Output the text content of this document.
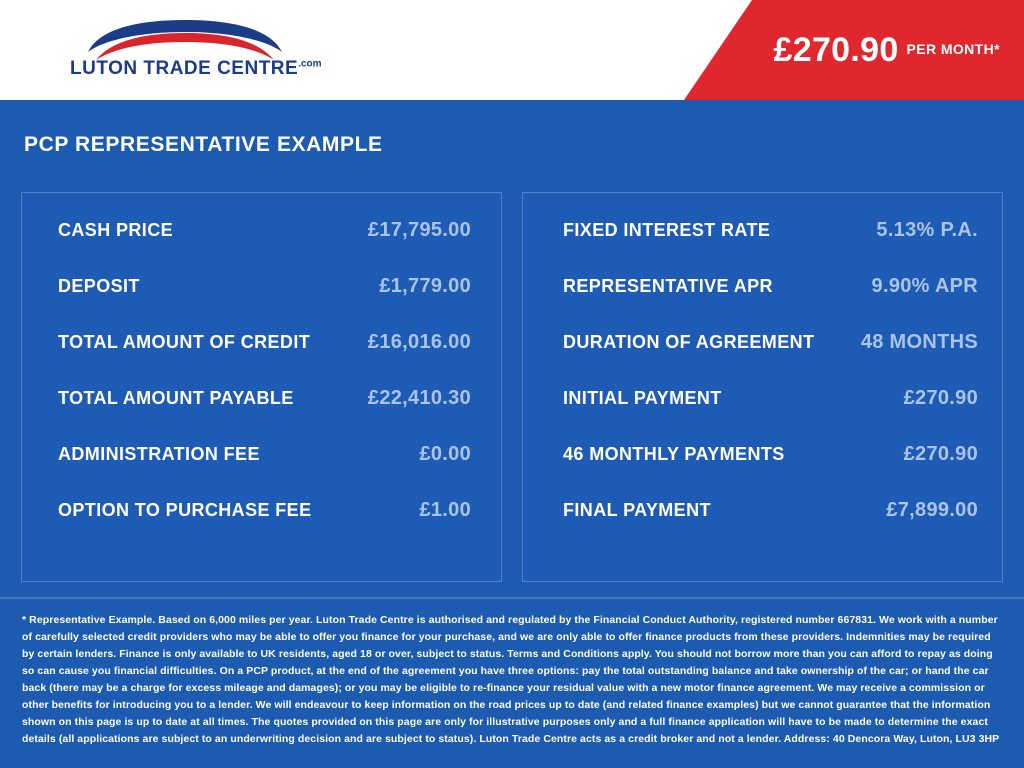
LUTON TRADE $CENTRE^{.com}$	£270.90 PER MONTH*
PCP REPRESENTATIVE EXAMPLE
CASH PRICE	£17,795.00
DEPOSIT	£1,779.00
TOTAL AMOUNT OF CREDIT	£16,016.00
TOTAL AMOUNT PAYABLE	£22,410.30
ADMINISTRATION FEE	£0.00
OPTION TO PURCHASE FEE	£1.00
FIXED INTEREST RATE	5.13% P.A.
REPRESENTATIVE APR	9.90% APR
DURATION OF AGREEMENT 48 MONTHS
INITIAL PAYMENT	£270.90
46 MONTHLY PAYMENTS	£270.90
FINAL PAYMENT	£7,899.00
* Representative Example. Based on 6,000 miles per year. Luton Trade Centre is authorised and regulated by the Financial Conduct Authority, registered number 667831. We work with a number of carefully selected credit providers who may be able to offer you finance for your purchase, and we are only able to offer finance products from these providers. Indemnities may be required by certain lenders. Finance is only available to UK residents, aged 18 or over, subject to status. Terms and Conditions apply. You should not borrow more than you can afford to repay as doing so can cause you financial difficulties. On a PCP product, at the end of the agreement you have three options: pay the total outstanding balance and take ownership of the car; or hand the car back (there may be a charge for excess mileage and damages); or you may be eligible to re-finance your residual value with a new motor finance agreement. We may receive a commission or other benefits for introducing you to a lender. We will endeavour to keep information on the road prices up to date (and related finance examples) but we cannot guarantee that the information shown on this page is up to date at all times. The quotes provided on this page are only for illustrative purposes only and a full finance application will have to be made to determine the exact details (all applications are subject to an underwriting decision and are subject to status). Luton Trade Centre acts as a credit broker and not a lender. Address: 40 Dencora Way, Luton, LU3 3HP
